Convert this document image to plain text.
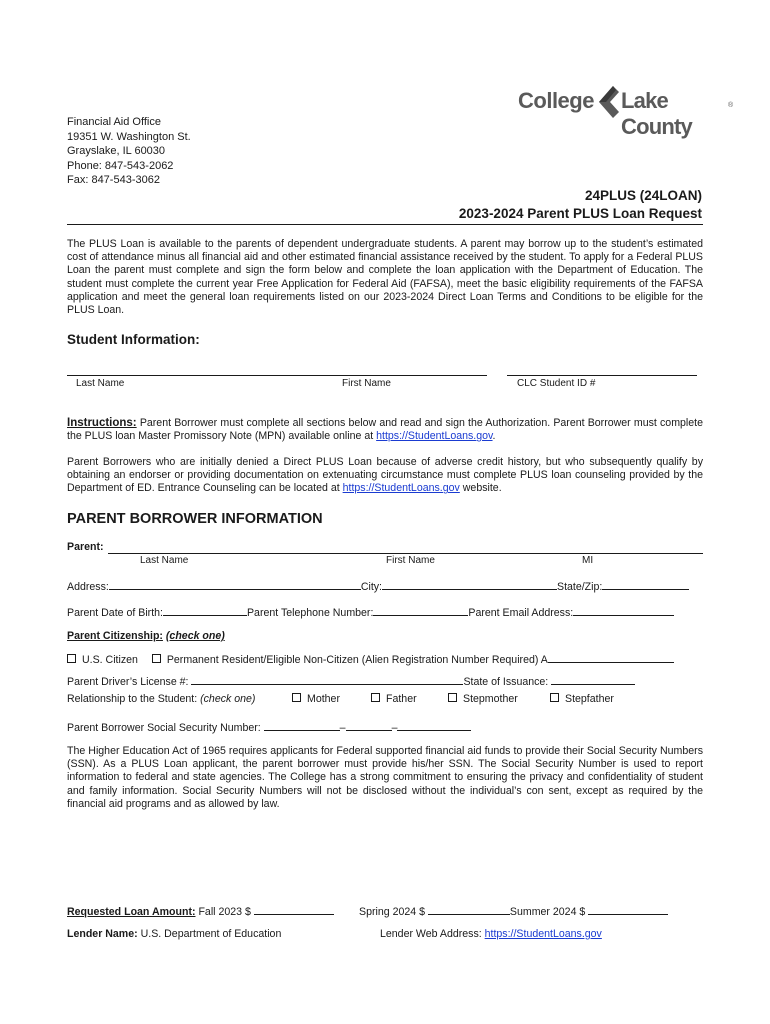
College Lake County
®
Financial Aid Office
19351 W. Washington St.
Grayslake, IL 60030
Phone: 847-543-2062
Fax: 847-543-3062
24PLUS (24LOAN)
2023-2024 Parent PLUS Loan Request

The PLUS Loan is available to the parents of dependent undergraduate students. A parent may borrow up to the student’s estimated cost of attendance minus all financial aid and other estimated financial assistance received by the student. To apply for a Federal PLUS Loan the parent must complete and sign the form below and complete the loan application with the Department of Education. The student must complete the current year Free Application for Federal Aid (FAFSA), meet the basic eligibility requirements of the FAFSA application and meet the general loan requirements listed on our 2023-2024 Direct Loan Terms and Conditions to be eligible for the PLUS Loan.

Student Information:
Last Name	First Name	CLC Student ID #

Instructions: Parent Borrower must complete all sections below and read and sign the Authorization. Parent Borrower must complete the PLUS loan Master Promissory Note (MPN) available online at https://StudentLoans.gov.

Parent Borrowers who are initially denied a Direct PLUS Loan because of adverse credit history, but who subsequently qualify by obtaining an endorser or providing documentation on extenuating circumstance must complete PLUS loan counseling provided by the Department of ED. Entrance Counseling can be located at https://StudentLoans.gov website.

PARENT BORROWER INFORMATION
Parent:
Last Name	First Name	MI
Address:	City:	State/Zip:
Parent Date of Birth:	Parent Telephone Number:	Parent Email Address:
Parent Citizenship: (check one)
U.S. Citizen	Permanent Resident/Eligible Non-Citizen (Alien Registration Number Required) A
Parent Driver’s License #:	State of Issuance:
Relationship to the Student: (check one)	Mother	Father	Stepmother	Stepfather
Parent Borrower Social Security Number:	–	–

The Higher Education Act of 1965 requires applicants for Federal supported financial aid funds to provide their Social Security Numbers (SSN). As a PLUS Loan applicant, the parent borrower must provide his/her SSN. The Social Security Number is used to report information to federal and state agencies. The College has a strong commitment to ensuring the privacy and confidentiality of student and family information. Social Security Numbers will not be disclosed without the individual’s con sent, except as required by the financial aid programs and as allowed by law.

Requested Loan Amount: Fall 2023 $	Spring 2024 $	Summer 2024 $
Lender Name: U.S. Department of Education	Lender Web Address: https://StudentLoans.gov
